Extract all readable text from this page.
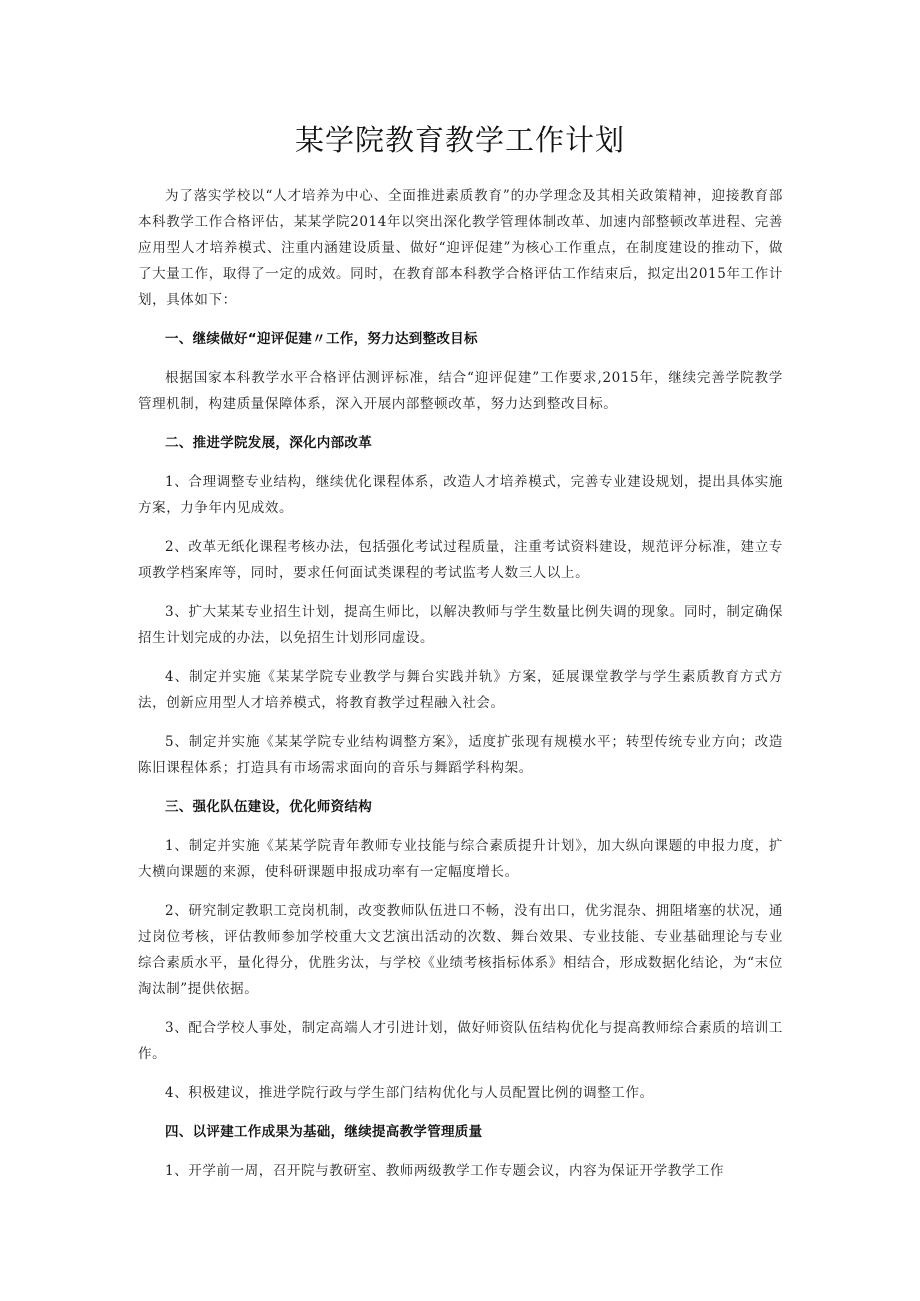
某学院教育教学工作计划

为了落实学校以“人才培养为中心、全面推进素质教育”的办学理念及其相关政策精神，迎接教育部本科教学工作合格评估，某某学院2014年以突出深化教学管理体制改革、加速内部整顿改革进程、完善应用型人才培养模式、注重内涵建设质量、做好“迎评促建”为核心工作重点，在制度建设的推动下，做了大量工作，取得了一定的成效。同时，在教育部本科教学合格评估工作结束后，拟定出2015年工作计划，具体如下：

一、继续做好“迎评促建〃工作，努力达到整改目标

根据国家本科教学水平合格评估测评标准，结合“迎评促建”工作要求,2015年，继续完善学院教学管理机制，构建质量保障体系，深入开展内部整顿改革，努力达到整改目标。

二、推进学院发展，深化内部改革

1、合理调整专业结构，继续优化课程体系，改造人才培养模式，完善专业建设规划，提出具体实施方案，力争年内见成效。

2、改革无纸化课程考核办法，包括强化考试过程质量，注重考试资料建设，规范评分标准，建立专项教学档案库等，同时，要求任何面试类课程的考试监考人数三人以上。

3、扩大某某专业招生计划，提高生师比，以解决教师与学生数量比例失调的现象。同时，制定确保招生计划完成的办法，以免招生计划形同虚设。

4、制定并实施《某某学院专业教学与舞台实践并轨》方案，延展课堂教学与学生素质教育方式方法，创新应用型人才培养模式，将教育教学过程融入社会。

5、制定并实施《某某学院专业结构调整方案》，适度扩张现有规模水平；转型传统专业方向；改造陈旧课程体系；打造具有市场需求面向的音乐与舞蹈学科构架。

三、强化队伍建设，优化师资结构

1、制定并实施《某某学院青年教师专业技能与综合素质提升计划》，加大纵向课题的申报力度，扩大横向课题的来源，使科研课题申报成功率有一定幅度增长。

2、研究制定教职工竞岗机制，改变教师队伍进口不畅，没有出口，优劣混杂、拥阻堵塞的状况，通过岗位考核，评估教师参加学校重大文艺演出活动的次数、舞台效果、专业技能、专业基础理论与专业综合素质水平，量化得分，优胜劣汰，与学校《业绩考核指标体系》相结合，形成数据化结论，为“末位淘汰制”提供依据。

3、配合学校人事处，制定高端人才引进计划，做好师资队伍结构优化与提高教师综合素质的培训工作。

4、积极建议，推进学院行政与学生部门结构优化与人员配置比例的调整工作。

四、以评建工作成果为基础，继续提高教学管理质量

1、开学前一周，召开院与教研室、教师两级教学工作专题会议，内容为保证开学教学工作
